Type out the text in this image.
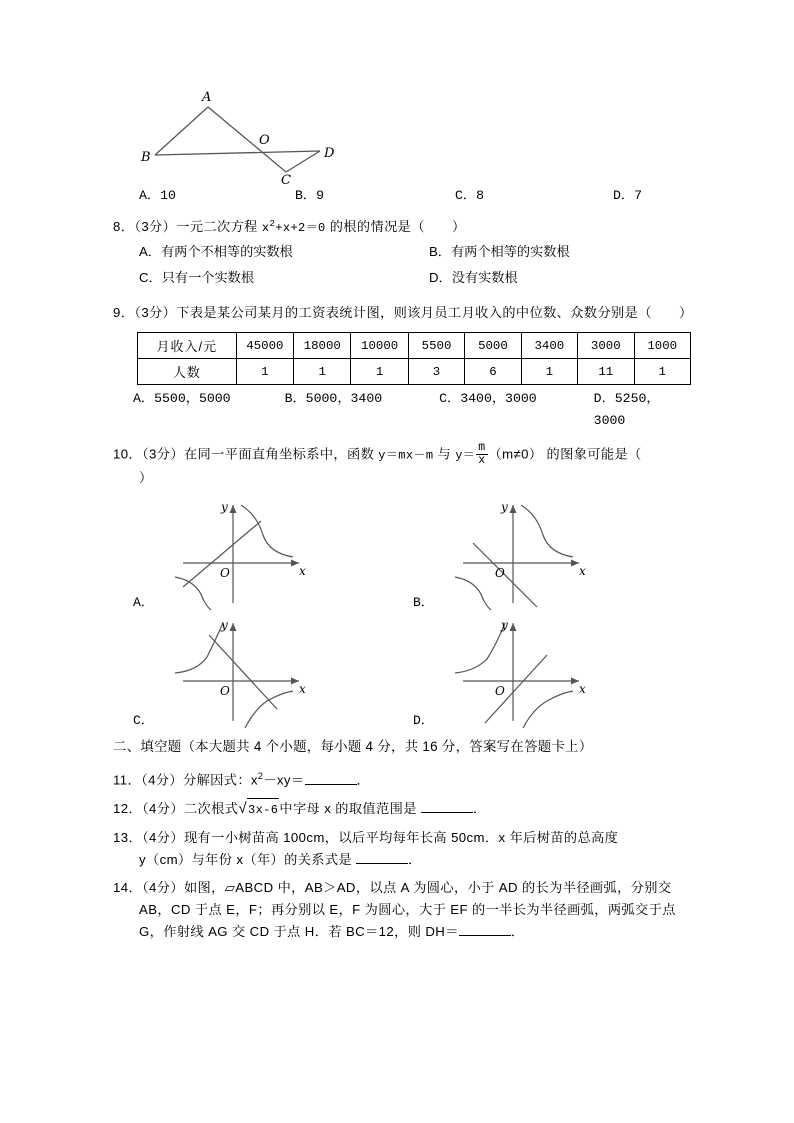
A
B
O
D
C
A．10	B．9	C．8	D．7
8．（3分）一元二次方程 $x^2+x+2=0$ 的根的情况是（　　）
A．有两个不相等的实数根	B．有两个相等的实数根
C．只有一个实数根	D．没有实数根
9．（3分）下表是某公司某月的工资表统计图，则该月员工月收入的中位数、众数分别是（　　）
月收入/元	45000	18000	10000	5500	5000	3400	3000	1000
人数	1	1	1	3	6	1	11	1
A．5500，5000	B．5000，3400	C．3400，3000	D．5250，3000
10．（3分）在同一平面直角坐标系中，函数 y＝mx－m 与 $y= \frac{m}{x} (m\ne 0)$ 的图象可能是（
）
y
x
O
A．
y
x
O
B．
y
x
O
C．
y
x
O
D．
二、填空题（本大题共 4 个小题，每小题 4 分，共 16 分，答案写在答题卡上）
11．（4分）分解因式：$x^2-xy=$	．
12．（4分）二次根式√3x-6中字母 x 的取值范围是	．
13．（4分）现有一小树苗高 100cm，以后平均每年长高 50cm．x 年后树苗的总高度
y（cm）与年份 x（年）的关系式是	．
14．（4分）如图，▱ABCD 中，AB＞AD，以点 A 为圆心，小于 AD 的长为半径画弧，分别交
AB，CD 于点 E，F；再分别以 E，F 为圆心，大于 EF 的一半长为半径画弧，两弧交于点
G，作射线 AG 交 CD 于点 H．若 BC＝12，则 DH＝	．
